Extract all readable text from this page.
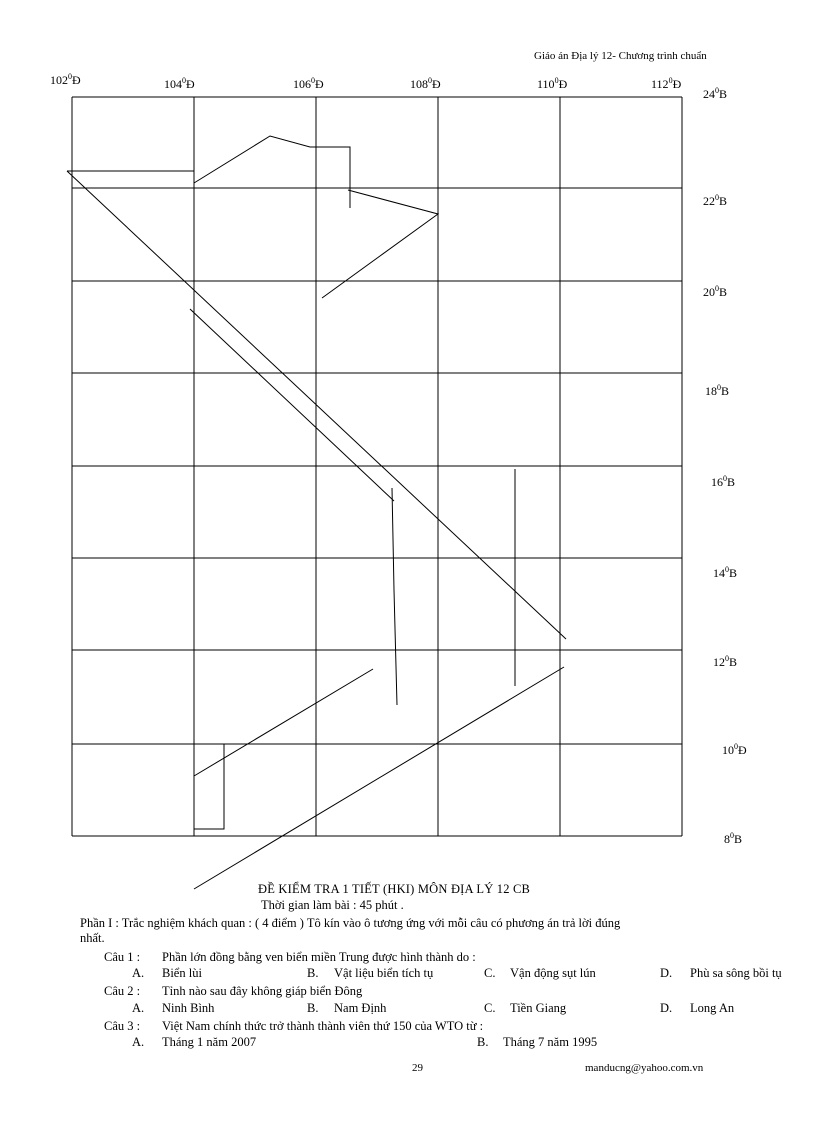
Giáo án Địa lý 12- Chương trình chuẩn
$102^0Đ$	$104^0Đ$	$106^0Đ$	$108^0Đ$	$110^0Đ$	$112^0Đ$
$24^0B$
$22^0B$
$20^0B$
$18^0B$
$16^0B$
$14^0B$
$12^0B$
$10^0Đ$
$8^0B$
ĐỀ KIỂM TRA 1 TIẾT (HKI) MÔN ĐỊA LÝ 12 CB
Thời gian làm bài : 45 phút .
Phần I : Trắc nghiệm khách quan : ( 4 điểm ) Tô kín vào ô tương ứng với mỗi câu có phương án trả lời đúng
nhất.
Câu 1 : Phần lớn đồng bằng ven biển miền Trung được hình thành do :
A. Biển lùi	B. Vật liệu biển tích tụ	C. Vận động sụt lún	D. Phù sa sông bồi tụ
Câu 2 : Tỉnh nào sau đây không giáp biển Đông
A. Ninh Bình	B. Nam Định	C. Tiền Giang	D. Long An
Câu 3 : Việt Nam chính thức trở thành thành viên thứ 150 của WTO từ :
A. Tháng 1 năm 2007	B. Tháng 7 năm 1995
29	manducng@yahoo.com.vn
